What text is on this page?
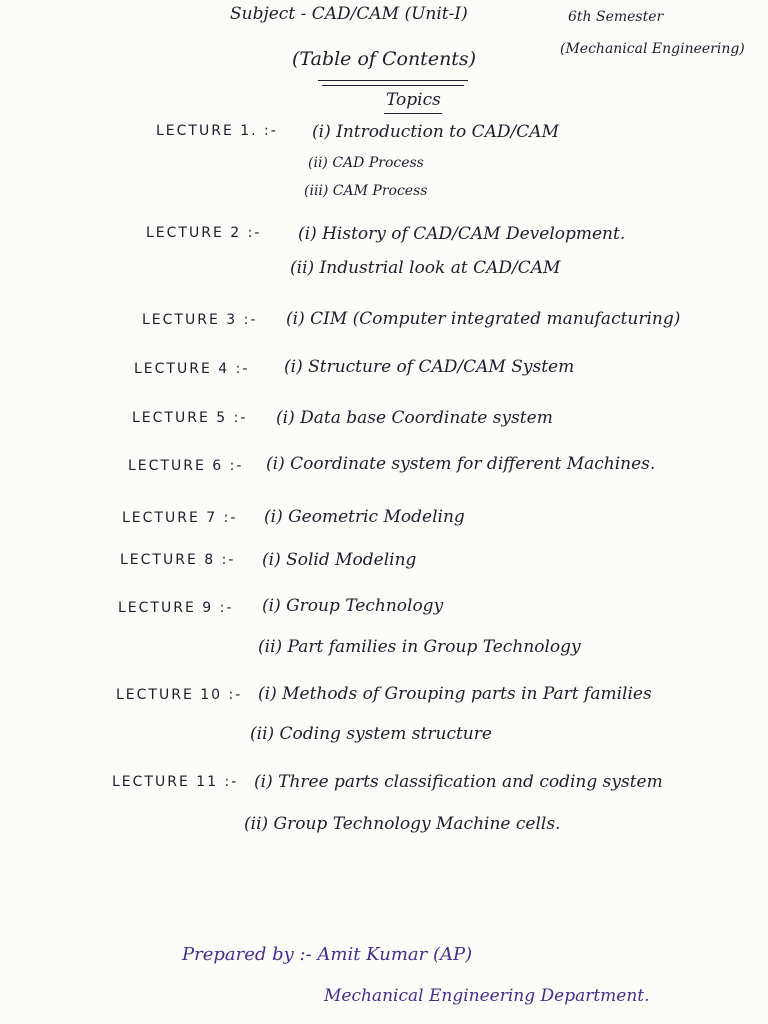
Subject - CAD/CAM (Unit-I)	6th Semester
(Table of Contents)	(Mechanical Engineering)
Topics
LECTURE 1. :- (i) Introduction to CAD/CAM
(ii) CAD Process
(iii) CAM Process
LECTURE 2 :- (i) History of CAD/CAM Development.
(ii) Industrial look at CAD/CAM
LECTURE 3 :- (i) CIM (Computer integrated manufacturing)
LECTURE 4 :- (i) Structure of CAD/CAM System
LECTURE 5 :- (i) Data base Coordinate system
LECTURE 6 :- (i) Coordinate system for different Machines.
LECTURE 7 :- (i) Geometric Modeling
LECTURE 8 :- (i) Solid Modeling
LECTURE 9 :- (i) Group Technology
(ii) Part families in Group Technology
LECTURE 10 :- (i) Methods of Grouping parts in Part families
(ii) Coding system structure
LECTURE 11 :- (i) Three parts classification and coding system
(ii) Group Technology Machine cells.
Prepared by :- Amit Kumar (AP)
Mechanical Engineering Department.
